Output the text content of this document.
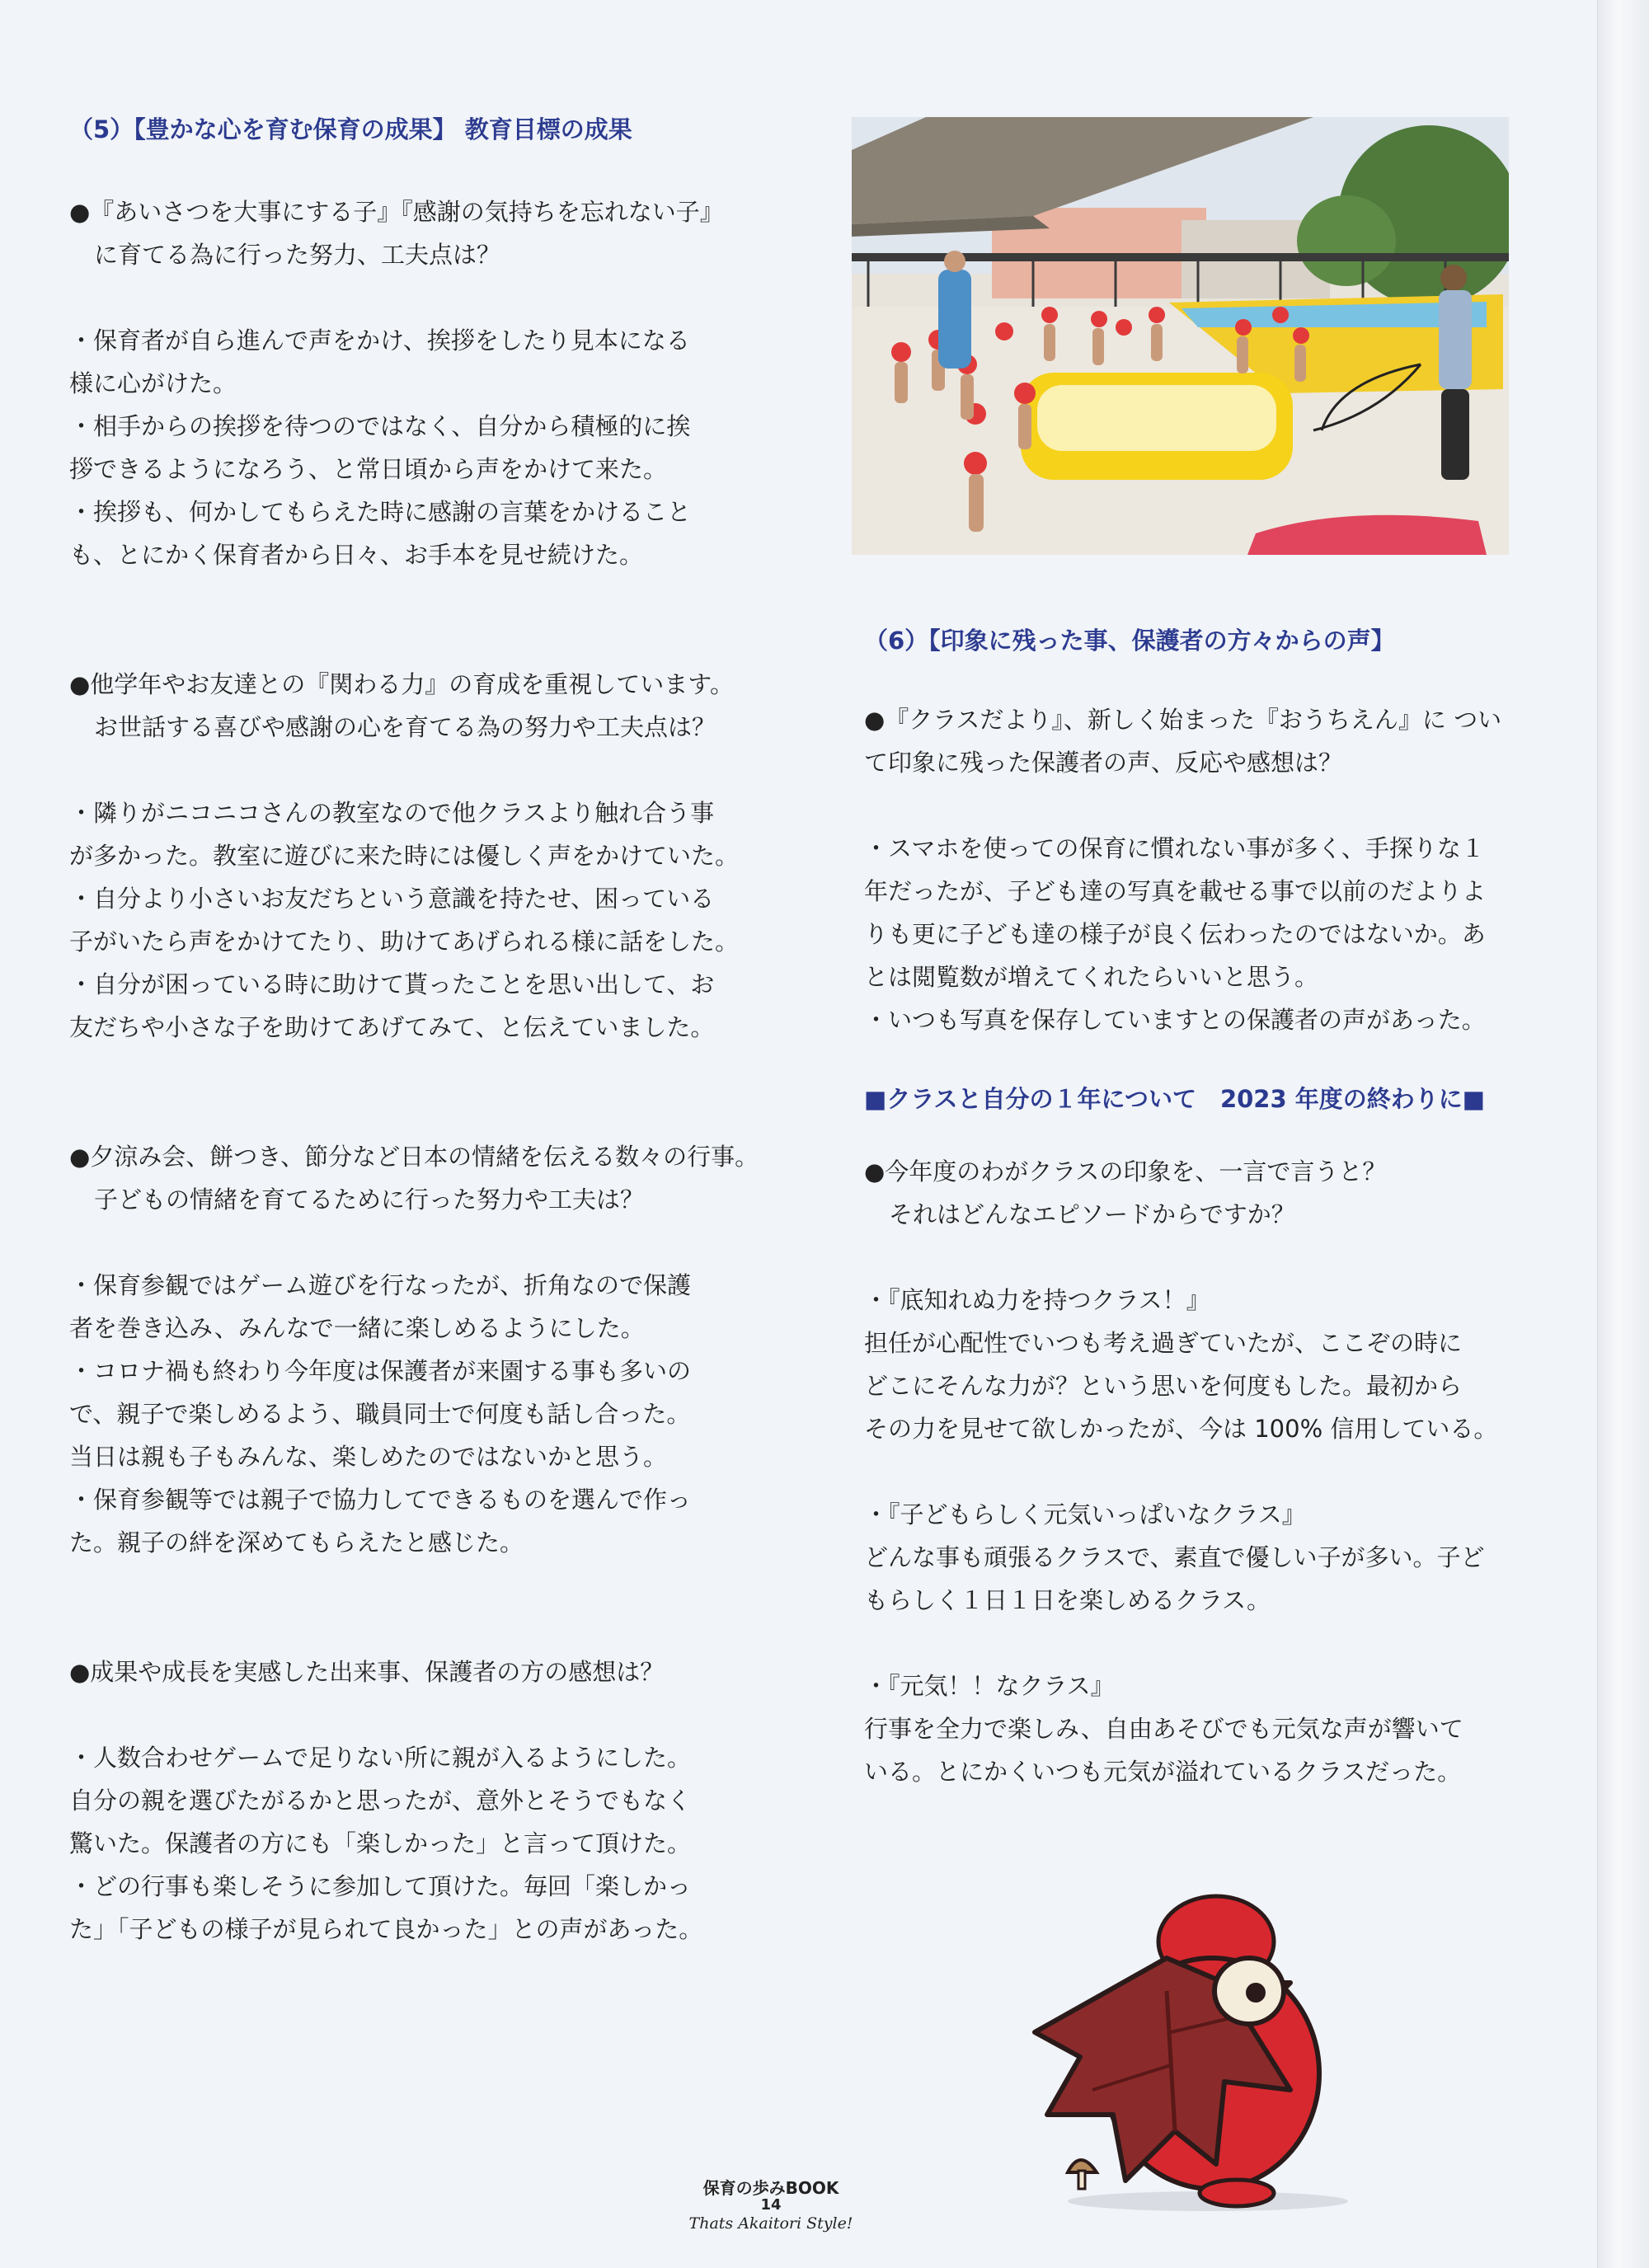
（5）【豊かな心を育む保育の成果】 教育目標の成果

●『あいさつを大事にする子』『感謝の気持ちを忘れない子』
に育てる為に行った努力、工夫点は？
・保育者が自ら進んで声をかけ、挨拶をしたり見本になる
様に心がけた。
・相手からの挨拶を待つのではなく、自分から積極的に挨
拶できるようになろう、と常日頃から声をかけて来た。
・挨拶も、何かしてもらえた時に感謝の言葉をかけること
も、とにかく保育者から日々、お手本を見せ続けた。
●他学年やお友達との『関わる力』の育成を重視しています。
お世話する喜びや感謝の心を育てる為の努力や工夫点は？
・隣りがニコニコさんの教室なので他クラスより触れ合う事
が多かった。教室に遊びに来た時には優しく声をかけていた。
・自分より小さいお友だちという意識を持たせ、困っている
子がいたら声をかけてたり、助けてあげられる様に話をした。
・自分が困っている時に助けて貰ったことを思い出して、お
友だちや小さな子を助けてあげてみて、と伝えていました。
●夕涼み会、餅つき、節分など日本の情緒を伝える数々の行事。
子どもの情緒を育てるために行った努力や工夫は？
・保育参観ではゲーム遊びを行なったが、折角なので保護
者を巻き込み、みんなで一緒に楽しめるようにした。
・コロナ禍も終わり今年度は保護者が来園する事も多いの
で、親子で楽しめるよう、職員同士で何度も話し合った。
当日は親も子もみんな、楽しめたのではないかと思う。
・保育参観等では親子で協力してできるものを選んで作っ
た。親子の絆を深めてもらえたと感じた。
●成果や成長を実感した出来事、保護者の方の感想は？
・人数合わせゲームで足りない所に親が入るようにした。
自分の親を選びたがるかと思ったが、意外とそうでもなく
驚いた。保護者の方にも「楽しかった」と言って頂けた。
・どの行事も楽しそうに参加して頂けた。毎回「楽しかっ
た」「子どもの様子が見られて良かった」との声があった。

（6）【印象に残った事、保護者の方々からの声】

●『クラスだより』、新しく始まった『おうちえん』に ついて印象に残った保護者の声、反応や感想は？
・スマホを使っての保育に慣れない事が多く、手探りな１
年だったが、子ども達の写真を載せる事で以前のだよりよ
りも更に子ども達の様子が良く伝わったのではないか。あ
とは閲覧数が増えてくれたらいいと思う。
・いつも写真を保存していますとの保護者の声があった。

■クラスと自分の１年について　2023 年度の終わりに■

●今年度のわがクラスの印象を、一言で言うと？
それはどんなエピソードからですか？
・『底知れぬ力を持つクラス！』
担任が心配性でいつも考え過ぎていたが、ここぞの時に
どこにそんな力が？という思いを何度もした。最初から
その力を見せて欲しかったが、今は 100% 信用している。
・『子どもらしく元気いっぱいなクラス』
どんな事も頑張るクラスで、素直で優しい子が多い。子ど
もらしく１日１日を楽しめるクラス。
・『元気！！なクラス』
行事を全力で楽しみ、自由あそびでも元気な声が響いて
いる。とにかくいつも元気が溢れているクラスだった。
保育の歩みBOOK
14
Thats Akaitori Style!
